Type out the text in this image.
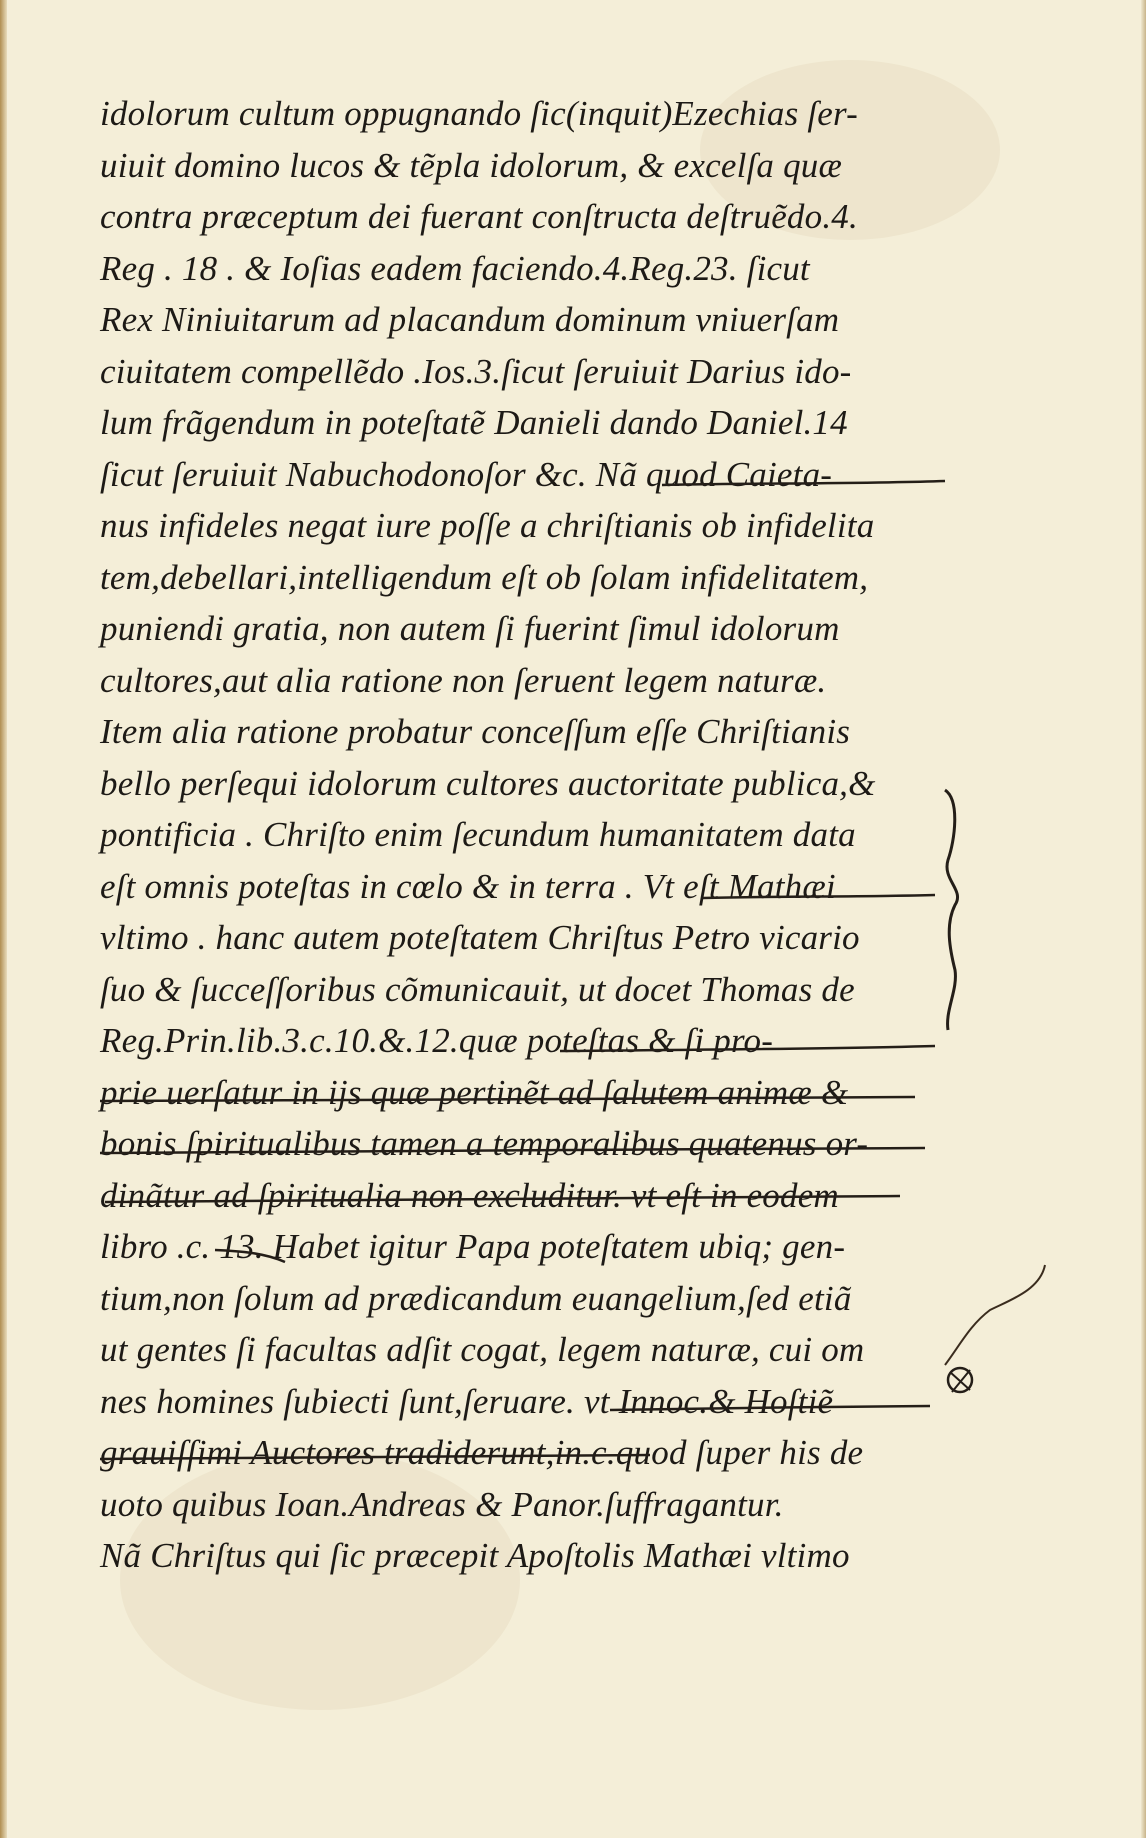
idolorum cultum oppugnando ſic(inquit)Ezechias ſer-
uiuit domino lucos & tẽpla idolorum, & excelſa quæ
contra præceptum dei fuerant conſtructa deſtruẽdo.4.
Reg . 18 . & Ioſias eadem faciendo.4.Reg.23. ſicut
Rex Niniuitarum ad placandum dominum vniuerſam
ciuitatem compellẽdo .Ios.3.ſicut ſeruiuit Darius ido-
lum frãgendum in poteſtatẽ Danieli dando Daniel.14
ſicut ſeruiuit Nabuchodonoſor &c. Nã quod Caieta-
nus infideles negat iure poſſe a chriſtianis ob infidelita
tem,debellari,intelligendum eſt ob ſolam infidelitatem,
puniendi gratia, non autem ſi fuerint ſimul idolorum
cultores,aut alia ratione non ſeruent legem naturæ.
Item alia ratione probatur conceſſum eſſe Chriſtianis
bello perſequi idolorum cultores auctoritate publica,&
pontificia . Chriſto enim ſecundum humanitatem data
eſt omnis poteſtas in cœlo & in terra . Vt eſt Mathæi
vltimo . hanc autem poteſtatem Chriſtus Petro vicario
ſuo & ſucceſſoribus cõmunicauit, ut docet Thomas de
Reg.Prin.lib.3.c.10.&.12.quæ poteſtas & ſi pro-
prie uerſatur in ijs quæ pertinẽt ad ſalutem animæ &
bonis ſpiritualibus tamen a temporalibus quatenus or-
dinãtur ad ſpiritualia non excluditur. vt eſt in eodem
libro .c. 13. Habet igitur Papa poteſtatem ubiq; gen-
tium,non ſolum ad prædicandum euangelium,ſed etiã
ut gentes ſi facultas adſit cogat, legem naturæ, cui om
nes homines ſubiecti ſunt,ſeruare. vt Innoc.& Hoſtiẽ
grauiſſimi Auctores tradiderunt,in.c.quod ſuper his de
uoto quibus Ioan.Andreas & Panor.ſuffragantur.
Nã Chriſtus qui ſic præcepit Apoſtolis Mathæi vltimo
